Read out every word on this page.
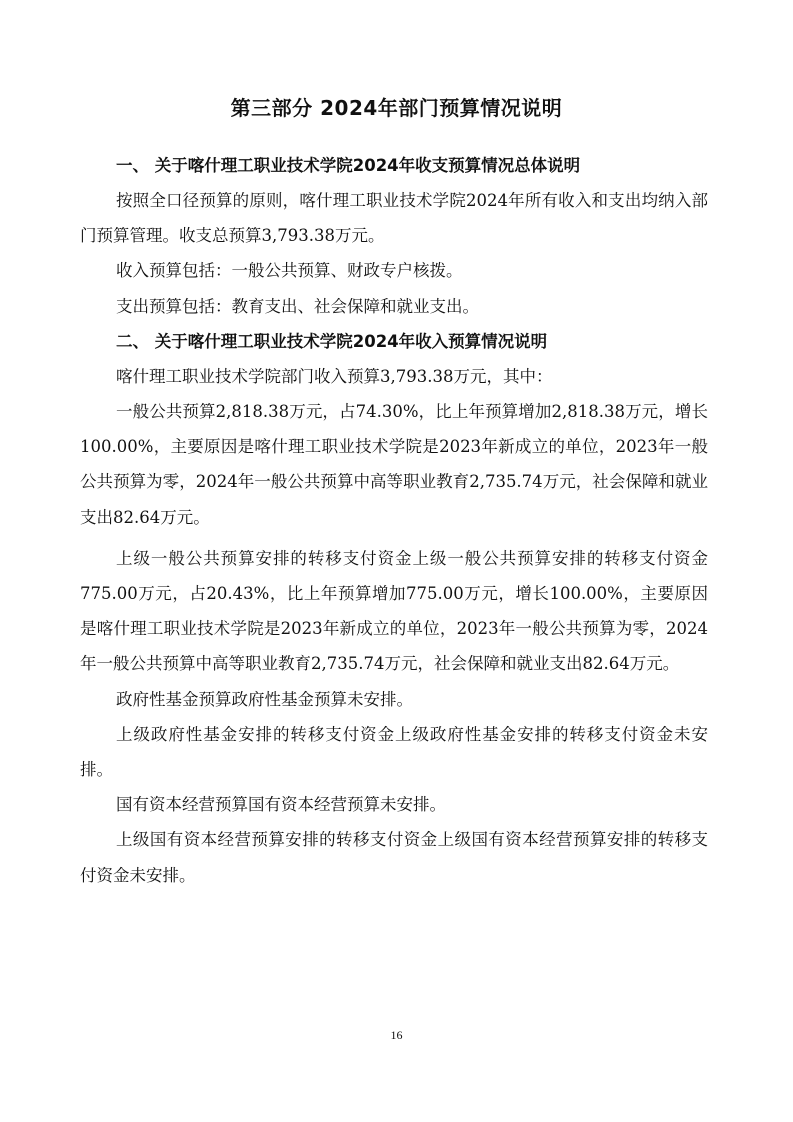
第三部分 2024年部门预算情况说明
一、 关于喀什理工职业技术学院2024年收支预算情况总体说明

按照全口径预算的原则，喀什理工职业技术学院2024年所有收入和支出均纳入部门预算管理。收支总预算3,793.38万元。

收入预算包括：一般公共预算、财政专户核拨。

支出预算包括：教育支出、社会保障和就业支出。

二、 关于喀什理工职业技术学院2024年收入预算情况说明

喀什理工职业技术学院部门收入预算3,793.38万元，其中：

一般公共预算2,818.38万元，占74.30%，比上年预算增加2,818.38万元，增长100.00%，主要原因是喀什理工职业技术学院是2023年新成立的单位，2023年一般公共预算为零，2024年一般公共预算中高等职业教育2,735.74万元，社会保障和就业支出82.64万元。

上级一般公共预算安排的转移支付资金上级一般公共预算安排的转移支付资金775.00万元，占20.43%，比上年预算增加775.00万元，增长100.00%，主要原因是喀什理工职业技术学院是2023年新成立的单位，2023年一般公共预算为零，2024年一般公共预算中高等职业教育2,735.74万元，社会保障和就业支出82.64万元。

政府性基金预算政府性基金预算未安排。

上级政府性基金安排的转移支付资金上级政府性基金安排的转移支付资金未安排。

国有资本经营预算国有资本经营预算未安排。

上级国有资本经营预算安排的转移支付资金上级国有资本经营预算安排的转移支付资金未安排。

16
